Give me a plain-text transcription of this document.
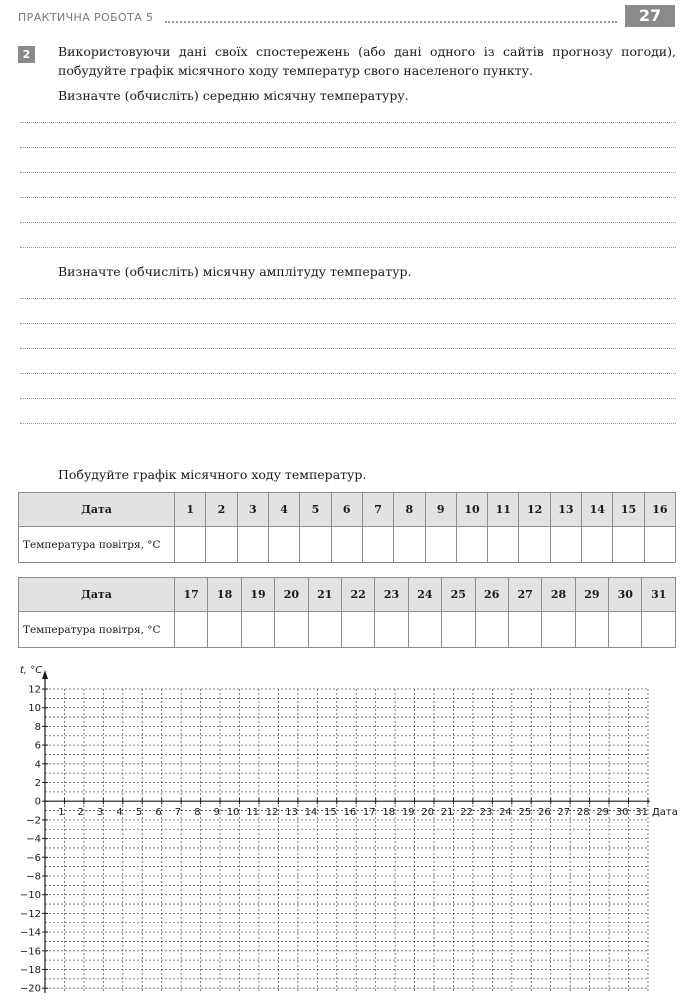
ПРАКТИЧНА РОБОТА 5	27
2	Використовуючи дані своїх спостережень (або дані одного із сайтів прогнозу погоди), побудуйте графік місячного ходу температур свого населеного пункту.
Визначте (обчисліть) середню місячну температуру.
Визначте (обчисліть) місячну амплітуду температур.
Побудуйте графік місячного ходу температур.
Дата	1	2	3	4	5	6	7	8	9	10	11	12	13	14	15	16
Температура повітря, °С																
Дата	17	18	19	20	21	22	23	24	25	26	27	28	29	30	31
Температура повітря, °С															
12
10
8
6
4
2
0
−2
−4
−6
−8
−10
−12
−14
−16
−18
−20
1 2 3 4 5 6 7 8 9 10 11 12 13 14 15 16 17 18 19 20 21 22 23 24 25 26 27 28 29 30 31
t, °С
Дата
